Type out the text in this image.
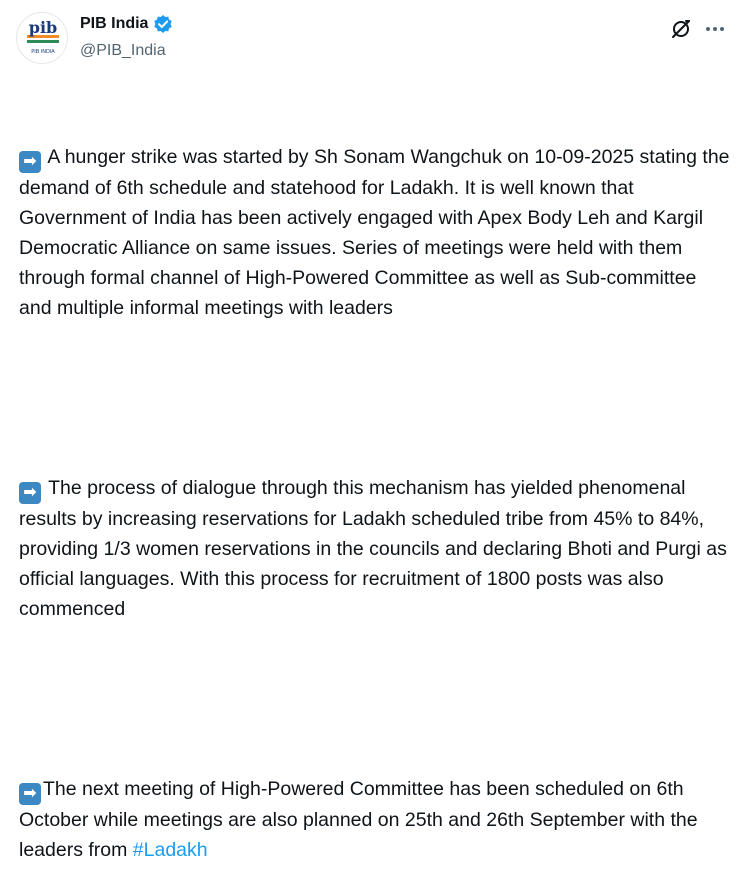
pib
PIB INDIA
PIB India
@PIB_India

➡ A hunger strike was started by Sh Sonam Wangchuk on 10-09-2025 stating the demand of 6th schedule and statehood for Ladakh. It is well known that Government of India has been actively engaged with Apex Body Leh and Kargil Democratic Alliance on same issues. Series of meetings were held with them through formal channel of High-Powered Committee as well as Sub-committee and multiple informal meetings with leaders

➡ The process of dialogue through this mechanism has yielded phenomenal results by increasing reservations for Ladakh scheduled tribe from 45% to 84%, providing 1/3 women reservations in the councils and declaring Bhoti and Purgi as official languages. With this process for recruitment of 1800 posts was also commenced

➡ The next meeting of High-Powered Committee has been scheduled on 6th October while meetings are also planned on 25th and 26th September with the leaders from #Ladakh
